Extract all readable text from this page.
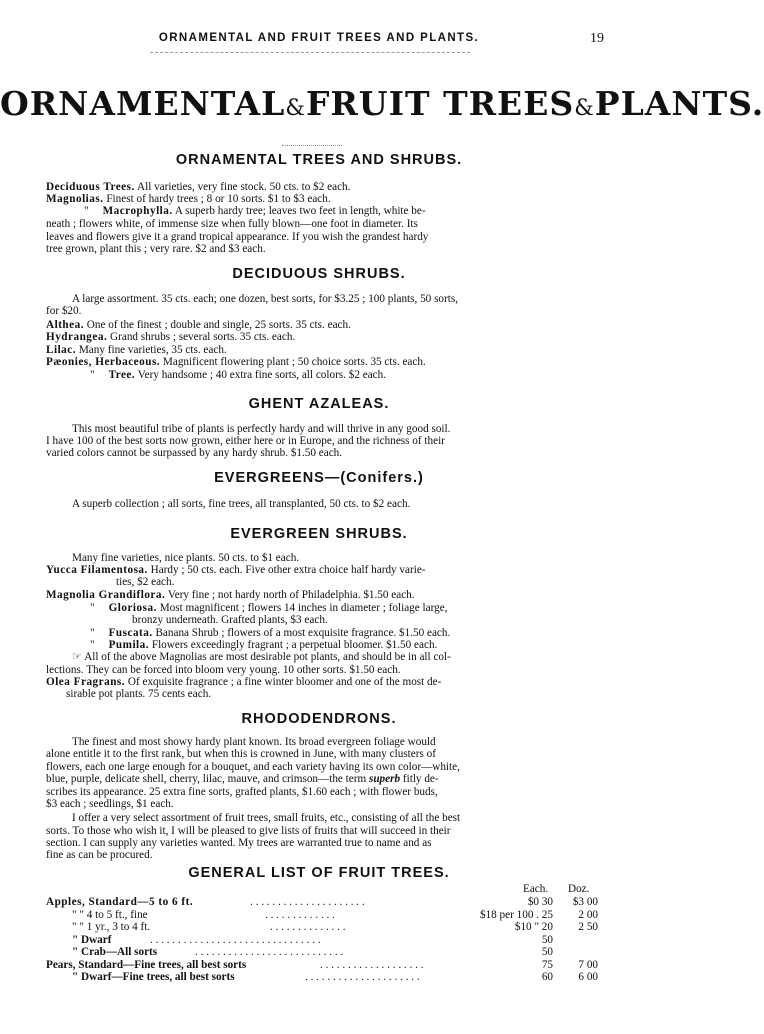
ORNAMENTAL AND FRUIT TREES AND PLANTS.	19
ORNAMENTAL&FRUIT TREES&PLANTS.
ORNAMENTAL TREES AND SHRUBS.
Deciduous Trees. All varieties, very fine stock. 50 cts. to $2 each.
Magnolias. Finest of hardy trees ; 8 or 10 sorts. $1 to $3 each.
" Macrophylla. A superb hardy tree; leaves two feet in length, white be-
neath ; flowers white, of immense size when fully blown—one foot in diameter. Its
leaves and flowers give it a grand tropical appearance. If you wish the grandest hardy
tree grown, plant this ; very rare. $2 and $3 each.
DECIDUOUS SHRUBS.
A large assortment. 35 cts. each; one dozen, best sorts, for $3.25 ; 100 plants, 50 sorts,
for $20.
Althea. One of the finest ; double and single, 25 sorts. 35 cts. each.
Hydrangea. Grand shrubs ; several sorts. 35 cts. each.
Lilac. Many fine varieties, 35 cts. each.
Pæonies, Herbaceous. Magnificent flowering plant ; 50 choice sorts. 35 cts. each.
" Tree. Very handsome ; 40 extra fine sorts, all colors. $2 each.
GHENT AZALEAS.
This most beautiful tribe of plants is perfectly hardy and will thrive in any good soil.
I have 100 of the best sorts now grown, either here or in Europe, and the richness of their
varied colors cannot be surpassed by any hardy shrub. $1.50 each.
EVERGREENS—(Conifers.)
A superb collection ; all sorts, fine trees, all transplanted, 50 cts. to $2 each.
EVERGREEN SHRUBS.
Many fine varieties, nice plants. 50 cts. to $1 each.
Yucca Filamentosa. Hardy ; 50 cts. each. Five other extra choice half hardy varie-
ties, $2 each.
Magnolia Grandiflora. Very fine ; not hardy north of Philadelphia. $1.50 each.
" Gloriosa. Most magnificent ; flowers 14 inches in diameter ; foliage large,
bronzy underneath. Grafted plants, $3 each.
" Fuscata. Banana Shrub ; flowers of a most exquisite fragrance. $1.50 each.
" Pumila. Flowers exceedingly fragrant ; a perpetual bloomer. $1.50 each.
☞ All of the above Magnolias are most desirable pot plants, and should be in all col-
lections. They can be forced into bloom very young. 10 other sorts. $1.50 each.
Olea Fragrans. Of exquisite fragrance ; a fine winter bloomer and one of the most de-
sirable pot plants. 75 cents each.
RHODODENDRONS.
The finest and most showy hardy plant known. Its broad evergreen foliage would
alone entitle it to the first rank, but when this is crowned in June, with many clusters of
flowers, each one large enough for a bouquet, and each variety having its own color—white,
blue, purple, delicate shell, cherry, lilac, mauve, and crimson—the term superb fitly de-
scribes its appearance. 25 extra fine sorts, grafted plants, $1.60 each ; with flower buds,
$3 each ; seedlings, $1 each.
I offer a very select assortment of fruit trees, small fruits, etc., consisting of all the best
sorts. To those who wish it, I will be pleased to give lists of fruits that will succeed in their
section. I can supply any varieties wanted. My trees are warranted true to name and as
fine as can be procured.
GENERAL LIST OF FRUIT TREES.
Each. Doz.
Apples, Standard—5 to 6 ft.	. . . . . . . . . . . . . . . . . . . . .	$0 30 $3 00
" " 4 to 5 ft., fine	. . . . . . . . . . . . .	$18 per 100 . 25 2 00
" " 1 yr., 3 to 4 ft.	. . . . . . . . . . . . . .	$10 " 20 2 50
" Dwarf	. . . . . . . . . . . . . . . . . . . . . . . . . . . . . . .	50
" Crab—All sorts	. . . . . . . . . . . . . . . . . . . . . . . . . . .	50
Pears, Standard—Fine trees, all best sorts	. . . . . . . . . . . . . . . . . . .	75 7 00
" Dwarf—Fine trees, all best sorts	. . . . . . . . . . . . . . . . . . . . .	60 6 00
